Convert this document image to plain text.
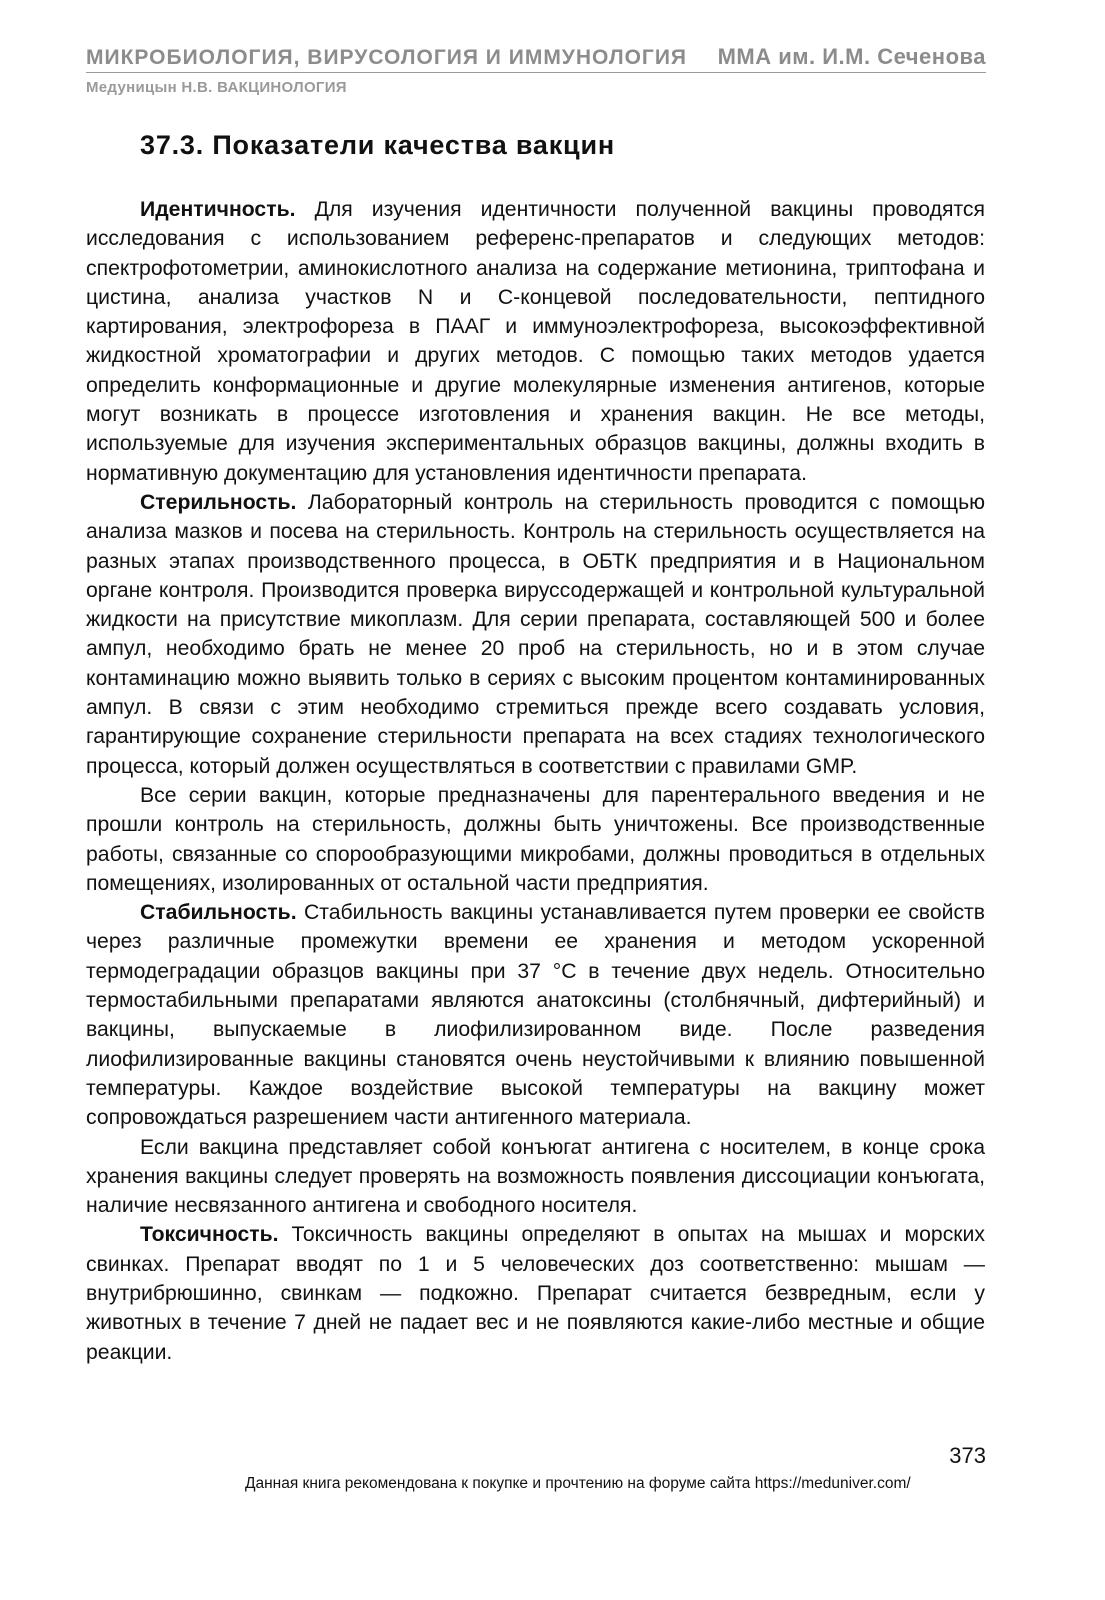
МИКРОБИОЛОГИЯ, ВИРУСОЛОГИЯ И ИММУНОЛОГИЯ ММА им. И.М. Сеченова
Медуницын Н.В. ВАКЦИНОЛОГИЯ
37.3. Показатели качества вакцин

Идентичность. Для изучения идентичности полученной вакцины проводятся исследования с использованием референс-препаратов и следующих методов: спектрофотометрии, аминокислотного анализа на содержание метионина, триптофана и цистина, анализа участков N и С-концевой последовательности, пептидного картирования, электрофореза в ПААГ и иммуноэлектрофореза, высокоэффективной жидкостной хроматографии и других методов. С помощью таких методов удается определить конформационные и другие молекулярные изменения антигенов, которые могут возникать в процессе изготовления и хранения вакцин. Не все методы, используемые для изучения экспериментальных образцов вакцины, должны входить в нормативную документацию для установления идентичности препарата.

Стерильность. Лабораторный контроль на стерильность проводится с помощью анализа мазков и посева на стерильность. Контроль на стерильность осуществляется на разных этапах производственного процесса, в ОБТК предприятия и в Национальном органе контроля. Производится проверка вируссодержащей и контрольной культуральной жидкости на присутствие микоплазм. Для серии препарата, составляющей 500 и более ампул, необходимо брать не менее 20 проб на стерильность, но и в этом случае контаминацию можно выявить только в сериях с высоким процентом контаминированных ампул. В связи с этим необходимо стремиться прежде всего создавать условия, гарантирующие сохранение стерильности препарата на всех стадиях технологического процесса, который должен осуществляться в соответствии с правилами GMP.

Все серии вакцин, которые предназначены для парентерального введения и не прошли контроль на стерильность, должны быть уничтожены. Все производственные работы, связанные со спорообразующими микробами, должны проводиться в отдельных помещениях, изолированных от остальной части предприятия.

Стабильность. Стабильность вакцины устанавливается путем проверки ее свойств через различные промежутки времени ее хранения и методом ускоренной термодеградации образцов вакцины при 37 °С в течение двух недель. Относительно термостабильными препаратами являются анатоксины (столбнячный, дифтерийный) и вакцины, выпускаемые в лиофилизированном виде. После разведения лиофилизированные вакцины становятся очень неустойчивыми к влиянию повышенной температуры. Каждое воздействие высокой температуры на вакцину может сопровождаться разрешением части антигенного материала.

Если вакцина представляет собой конъюгат антигена с носителем, в конце срока хранения вакцины следует проверять на возможность появления диссоциации конъюгата, наличие несвязанного антигена и свободного носителя.

Токсичность. Токсичность вакцины определяют в опытах на мышах и морских свинках. Препарат вводят по 1 и 5 человеческих доз соответственно: мышам — внутрибрюшинно, свинкам — подкожно. Препарат считается безвредным, если у животных в течение 7 дней не падает вес и не появляются какие-либо местные и общие реакции.

373
Данная книга рекомендована к покупке и прочтению на форуме сайта https://meduniver.com/
